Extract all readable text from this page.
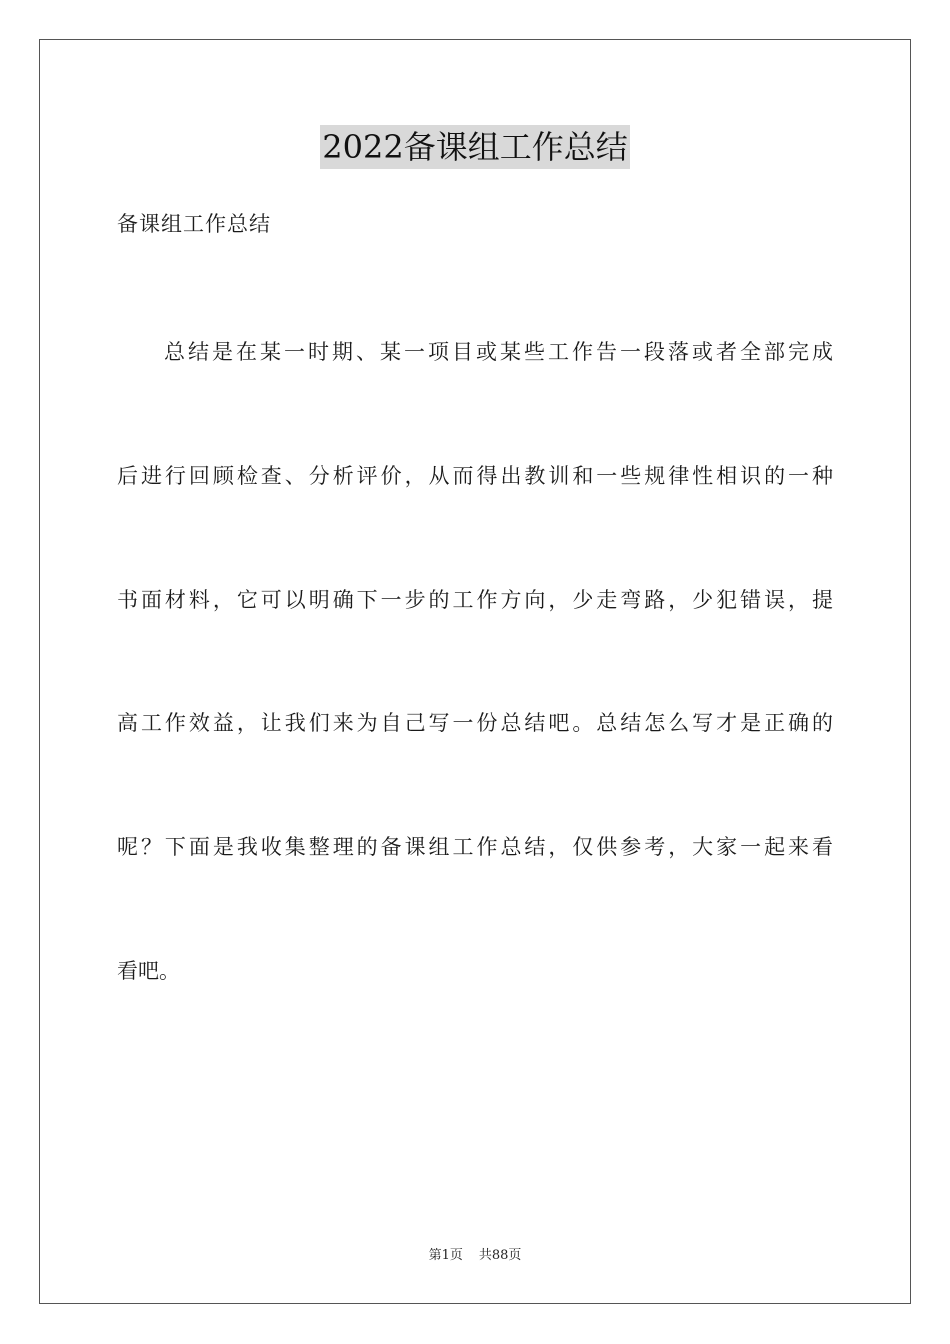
2022备课组工作总结
备课组工作总结
总结是在某一时期、某一项目或某些工作告一段落或者全部完成
后进行回顾检查、分析评价，从而得出教训和一些规律性相识的一种
书面材料，它可以明确下一步的工作方向，少走弯路，少犯错误，提
高工作效益，让我们来为自己写一份总结吧。总结怎么写才是正确的
呢？下面是我收集整理的备课组工作总结，仅供参考，大家一起来看
看吧。
第1页 共88页
